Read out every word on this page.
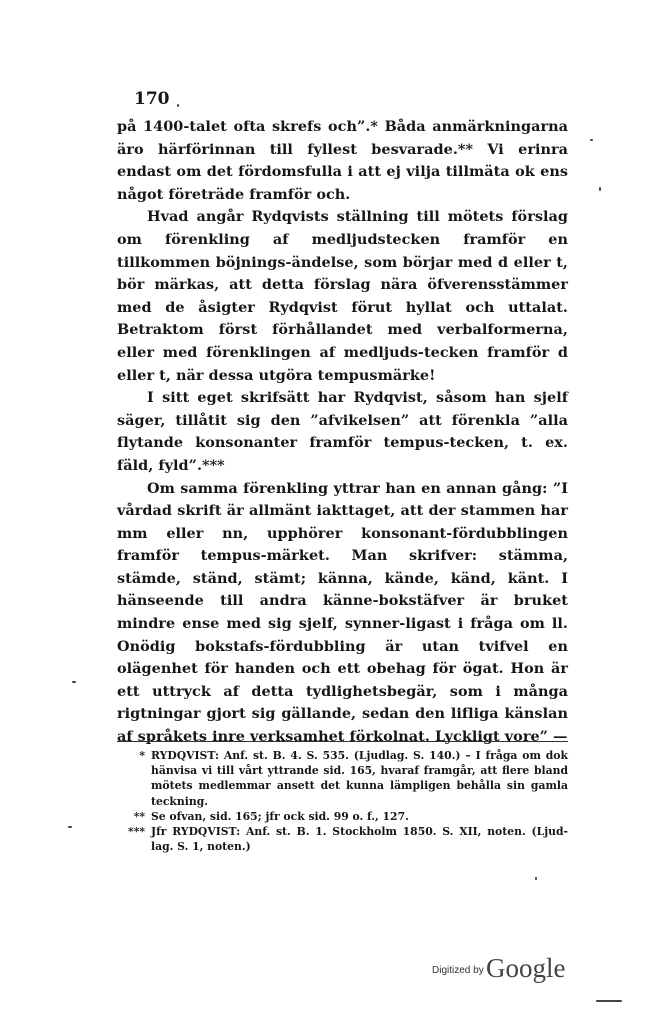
170

på 1400-talet ofta skrefs och”.* Båda anmärkningarna äro härförinnan till fyllest besvarade.** Vi erinra endast om det fördomsfulla i att ej vilja tillmäta ok ens något företräde framför och.

Hvad angår Rydqvists ställning till mötets förslag om förenkling af medljudstecken framför en tillkommen böjnings-ändelse, som börjar med d eller t, bör märkas, att detta förslag nära öfverensstämmer med de åsigter Rydqvist förut hyllat och uttalat. Betraktom först förhållandet med verbalformerna, eller med förenklingen af medljuds-tecken framför d eller t, när dessa utgöra tempusmärke!

I sitt eget skrifsätt har Rydqvist, såsom han sjelf säger, tillåtit sig den ”afvikelsen” att förenkla ”alla flytande konsonanter framför tempus-tecken, t. ex. fäld, fyld”.***

Om samma förenkling yttrar han en annan gång: ”I vårdad skrift är allmänt iakttaget, att der stammen har mm eller nn, upphörer konsonant-fördubblingen framför tempus-märket. Man skrifver: stämma, stämde, ständ, stämt; känna, kände, känd, känt. I hänseende till andra känne-bokstäfver är bruket mindre ense med sig sjelf, synner-ligast i fråga om ll. Onödig bokstafs-fördubbling är utan tvifvel en olägenhet för handen och ett obehag för ögat. Hon är ett uttryck af detta tydlighetsbegär, som i många rigtningar gjort sig gällande, sedan den lifliga känslan af språkets inre verksamhet förkolnat. Lyckligt vore” —

* RYDQVIST: Anf. st. B. 4. S. 535. (Ljudlag. S. 140.) – I fråga om dok hänvisa vi till vårt yttrande sid. 165, hvaraf framgår, att flere bland mötets medlemmar ansett det kunna lämpligen behålla sin gamla teckning.
** Se ofvan, sid. 165; jfr ock sid. 99 o. f., 127.
*** Jfr RYDQVIST: Anf. st. B. 1. Stockholm 1850. S. XII, noten. (Ljud-lag. S. 1, noten.)
Digitized by Google
